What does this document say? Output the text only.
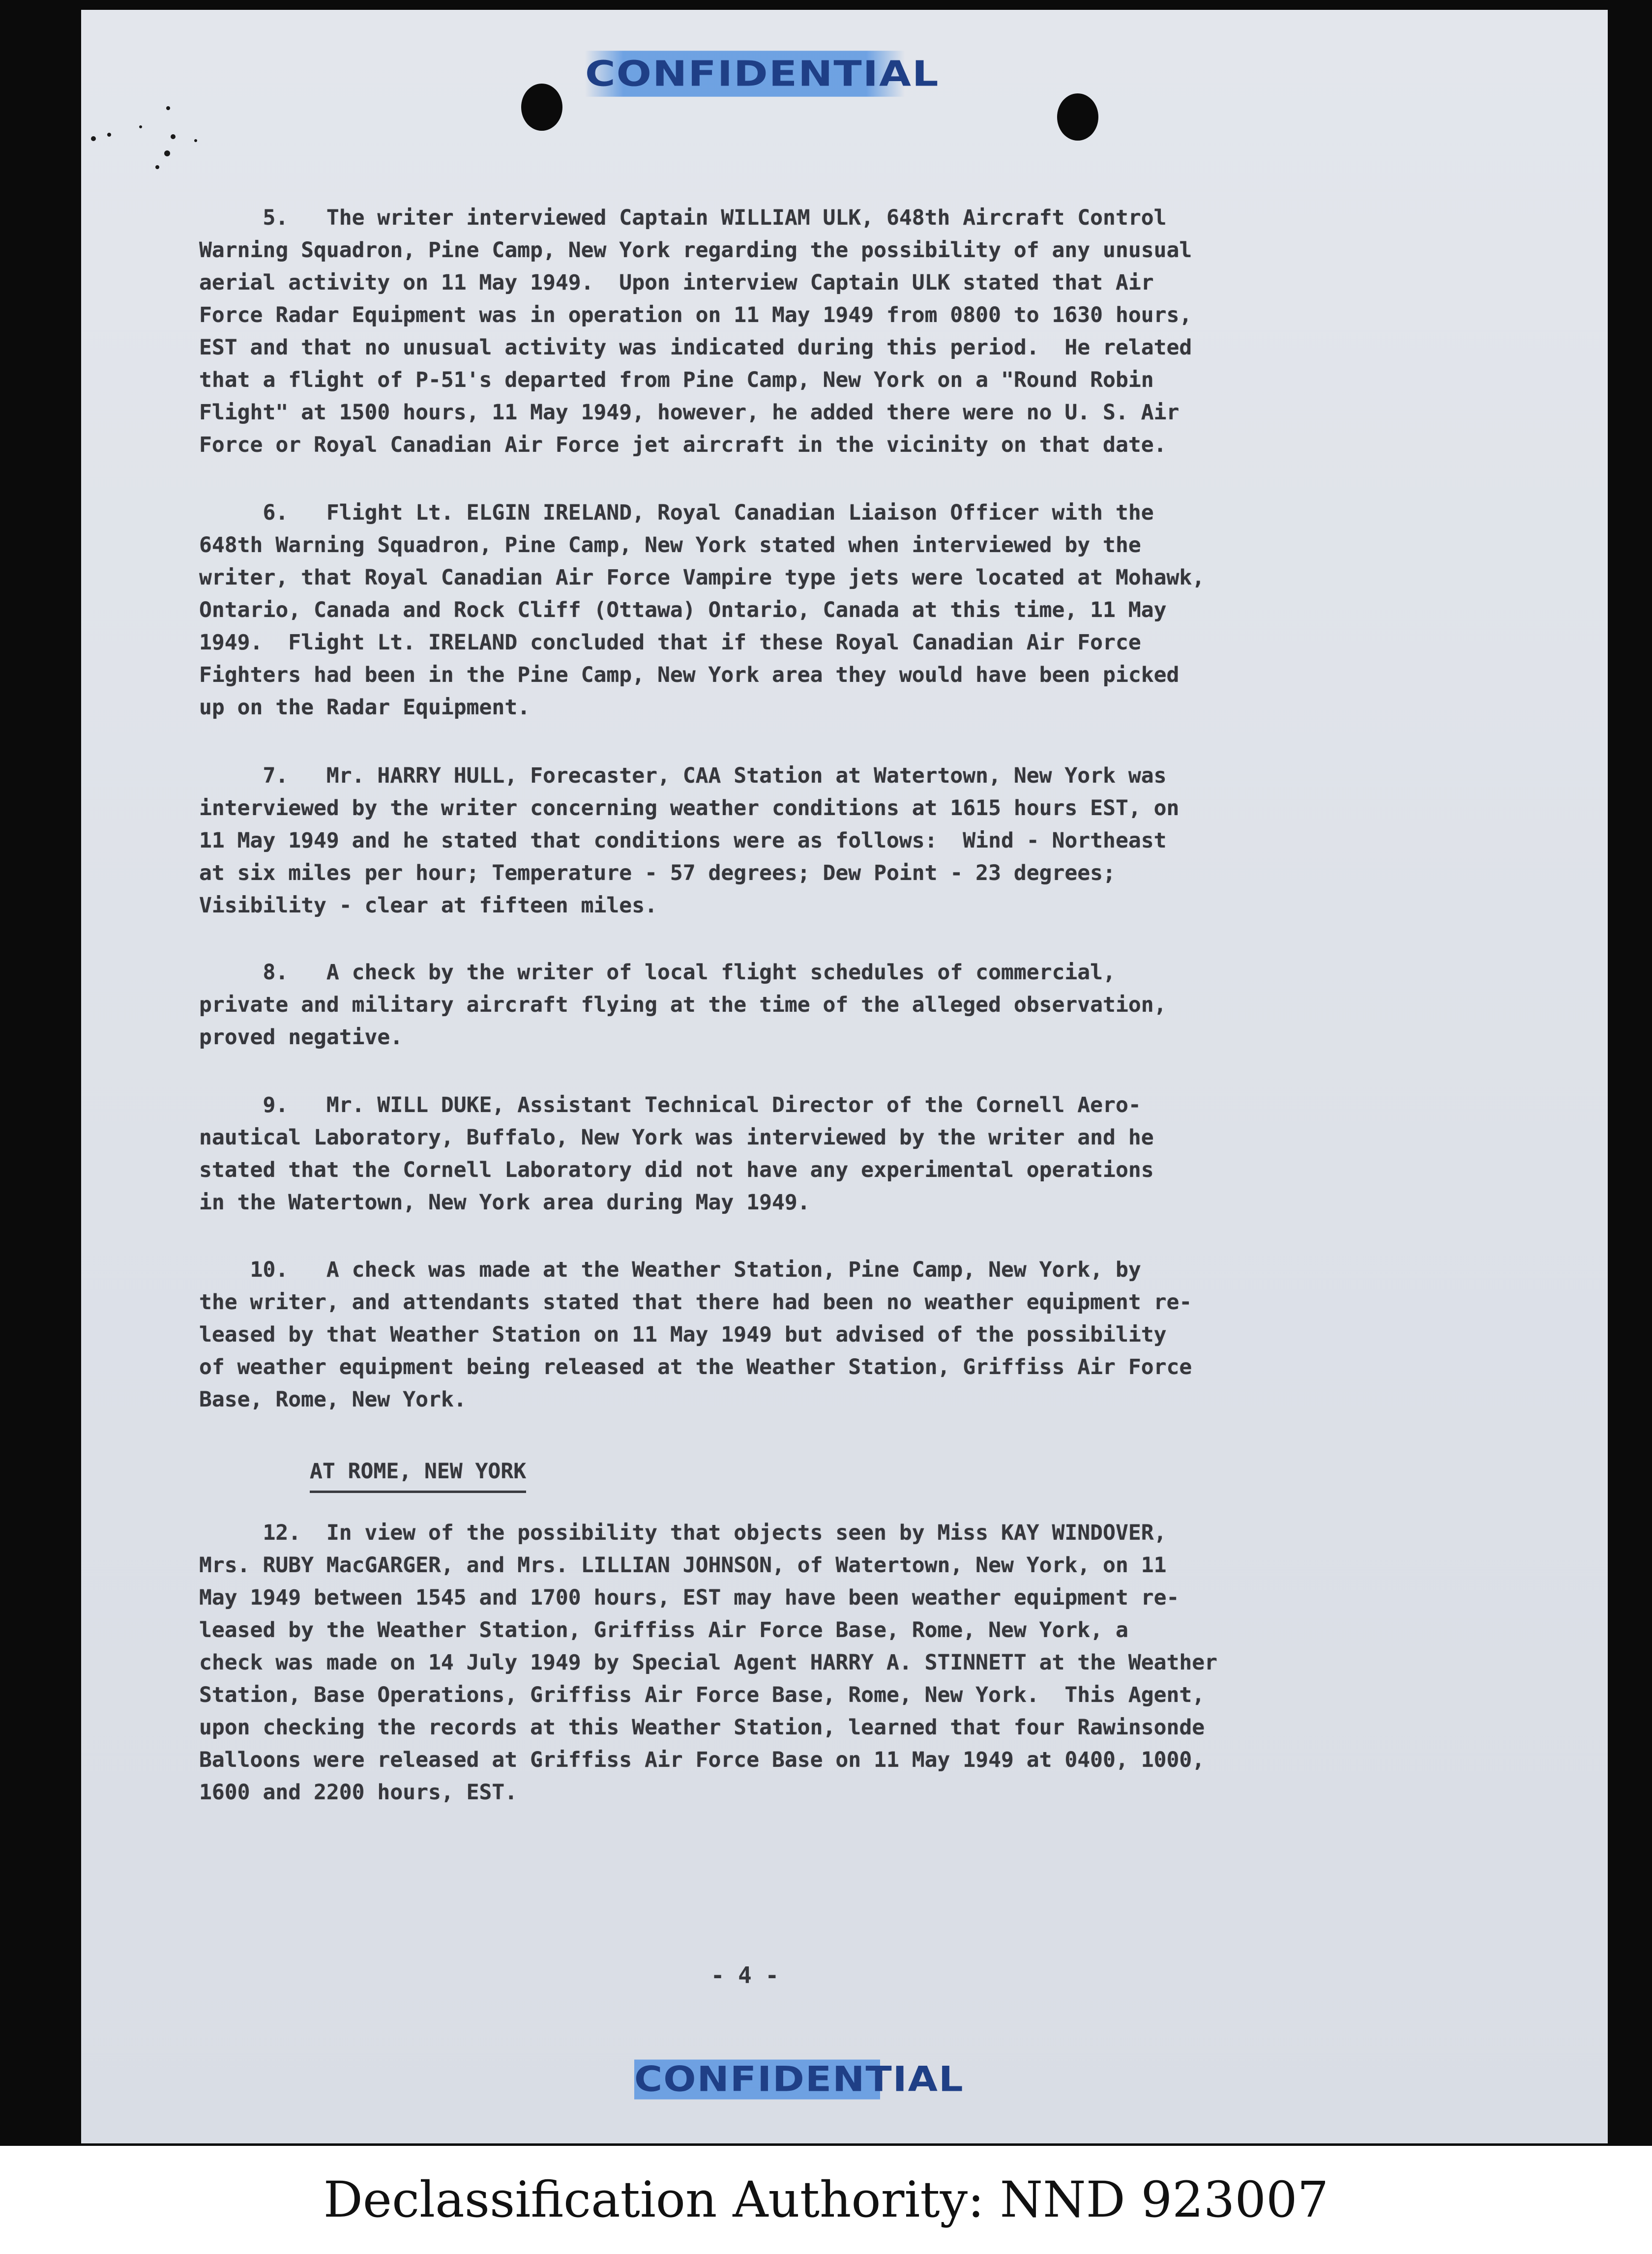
CONFIDENTIAL
5.   The writer interviewed Captain WILLIAM ULK, 648th Aircraft Control
Warning Squadron, Pine Camp, New York regarding the possibility of any unusual
aerial activity on 11 May 1949.  Upon interview Captain ULK stated that Air
Force Radar Equipment was in operation on 11 May 1949 from 0800 to 1630 hours,
EST and that no unusual activity was indicated during this period.  He related
that a flight of P-51's departed from Pine Camp, New York on a "Round Robin
Flight" at 1500 hours, 11 May 1949, however, he added there were no U. S. Air
Force or Royal Canadian Air Force jet aircraft in the vicinity on that date.
6.   Flight Lt. ELGIN IRELAND, Royal Canadian Liaison Officer with the
648th Warning Squadron, Pine Camp, New York stated when interviewed by the
writer, that Royal Canadian Air Force Vampire type jets were located at Mohawk,
Ontario, Canada and Rock Cliff (Ottawa) Ontario, Canada at this time, 11 May
1949.  Flight Lt. IRELAND concluded that if these Royal Canadian Air Force
Fighters had been in the Pine Camp, New York area they would have been picked
up on the Radar Equipment.
7.   Mr. HARRY HULL, Forecaster, CAA Station at Watertown, New York was
interviewed by the writer concerning weather conditions at 1615 hours EST, on
11 May 1949 and he stated that conditions were as follows:  Wind - Northeast
at six miles per hour; Temperature - 57 degrees; Dew Point - 23 degrees;
Visibility - clear at fifteen miles.
8.   A check by the writer of local flight schedules of commercial,
private and military aircraft flying at the time of the alleged observation,
proved negative.
9.   Mr. WILL DUKE, Assistant Technical Director of the Cornell Aero-
nautical Laboratory, Buffalo, New York was interviewed by the writer and he
stated that the Cornell Laboratory did not have any experimental operations
in the Watertown, New York area during May 1949.
10.   A check was made at the Weather Station, Pine Camp, New York, by
the writer, and attendants stated that there had been no weather equipment re-
leased by that Weather Station on 11 May 1949 but advised of the possibility
of weather equipment being released at the Weather Station, Griffiss Air Force
Base, Rome, New York.
AT ROME, NEW YORK
12.  In view of the possibility that objects seen by Miss KAY WINDOVER,
Mrs. RUBY MacGARGER, and Mrs. LILLIAN JOHNSON, of Watertown, New York, on 11
May 1949 between 1545 and 1700 hours, EST may have been weather equipment re-
leased by the Weather Station, Griffiss Air Force Base, Rome, New York, a
check was made on 14 July 1949 by Special Agent HARRY A. STINNETT at the Weather
Station, Base Operations, Griffiss Air Force Base, Rome, New York.  This Agent,
upon checking the records at this Weather Station, learned that four Rawinsonde
Balloons were released at Griffiss Air Force Base on 11 May 1949 at 0400, 1000,
1600 and 2200 hours, EST.
- 4 -
CONFIDENTIAL
Declassification Authority: NND 923007
